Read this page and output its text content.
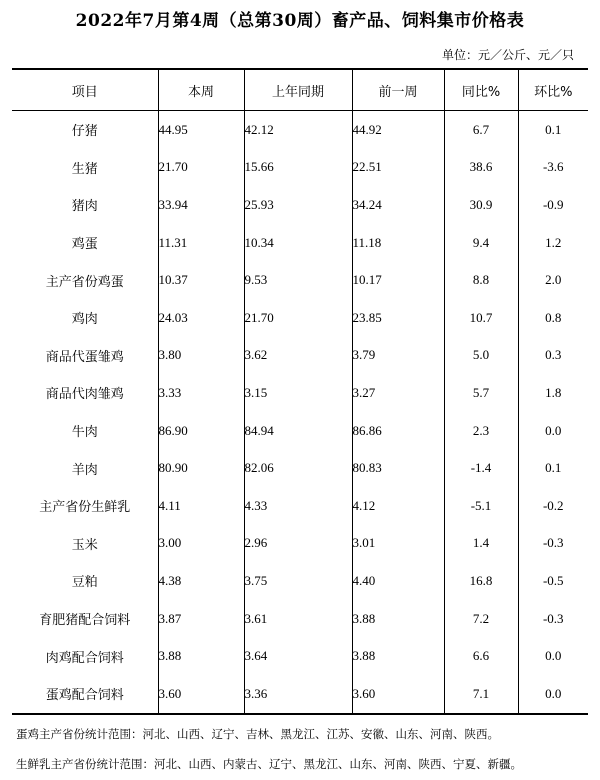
2022年7月第4周（总第30周）畜产品、饲料集市价格表
单位：元／公斤、元／只
项目	本周	上年同期	前一周	同比%	环比%
仔猪	44.95	42.12	44.92	6.7	0.1
生猪	21.70	15.66	22.51	38.6	-3.6
猪肉	33.94	25.93	34.24	30.9	-0.9
鸡蛋	11.31	10.34	11.18	9.4	1.2
主产省份鸡蛋	10.37	9.53	10.17	8.8	2.0
鸡肉	24.03	21.70	23.85	10.7	0.8
商品代蛋雏鸡	3.80	3.62	3.79	5.0	0.3
商品代肉雏鸡	3.33	3.15	3.27	5.7	1.8
牛肉	86.90	84.94	86.86	2.3	0.0
羊肉	80.90	82.06	80.83	-1.4	0.1
主产省份生鲜乳	4.11	4.33	4.12	-5.1	-0.2
玉米	3.00	2.96	3.01	1.4	-0.3
豆粕	4.38	3.75	4.40	16.8	-0.5
育肥猪配合饲料	3.87	3.61	3.88	7.2	-0.3
肉鸡配合饲料	3.88	3.64	3.88	6.6	0.0
蛋鸡配合饲料	3.60	3.36	3.60	7.1	0.0
蛋鸡主产省份统计范围：河北、山西、辽宁、吉林、黑龙江、江苏、安徽、山东、河南、陕西。
生鲜乳主产省份统计范围：河北、山西、内蒙古、辽宁、黑龙江、山东、河南、陕西、宁夏、新疆。
